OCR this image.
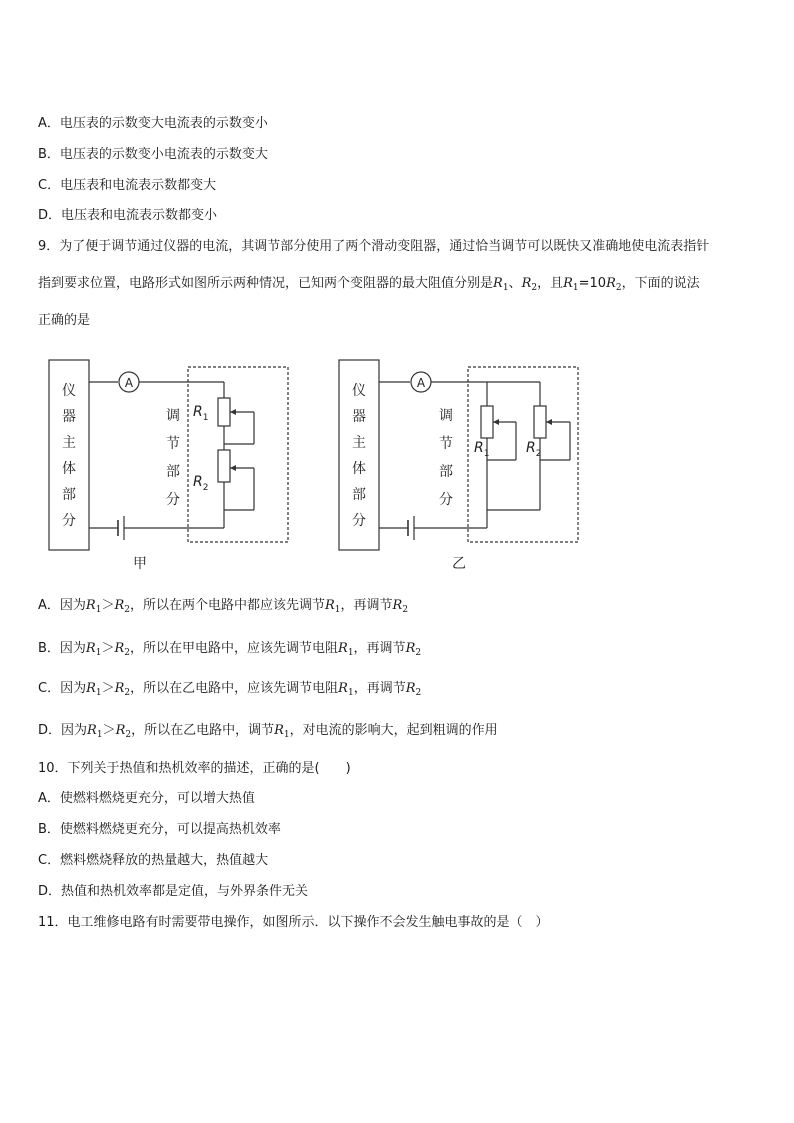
A．电压表的示数变大电流表的示数变小
B．电压表的示数变小电流表的示数变大
C．电压表和电流表示数都变大
D．电压表和电流表示数都变小
9．为了便于调节通过仪器的电流，其调节部分使用了两个滑动变阻器，通过恰当调节可以既快又准确地使电流表指针
指到要求位置，电路形式如图所示两种情况，已知两个变阻器的最大阻值分别是$R_1$、$R_2$，且$R_1=10R_2$，下面的说法
正确的是
仪
器
主
体
部
分
调
节
部
分
仪
器
主
体
部
分
调
节
部
分
A	A
甲	乙
$R_1$
$R_2$
$R_1$	$R_2$
A．因为$R_1>R_2$，所以在两个电路中都应该先调节$R_1$，再调节$R_2$
B．因为$R_1>R_2$，所以在甲电路中，应该先调节电阻$R_1$，再调节$R_2$
C．因为$R_1>R_2$，所以在乙电路中，应该先调节电阻$R_1$，再调节$R_2$
D．因为$R_1>R_2$，所以在乙电路中，调节$R_1$，对电流的影响大，起到粗调的作用
10．下列关于热值和热机效率的描述，正确的是(　　)
A．使燃料燃烧更充分，可以增大热值
B．使燃料燃烧更充分，可以提高热机效率
C．燃料燃烧释放的热量越大，热值越大
D．热值和热机效率都是定值，与外界条件无关
11．电工维修电路有时需要带电操作，如图所示．以下操作不会发生触电事故的是（　）
